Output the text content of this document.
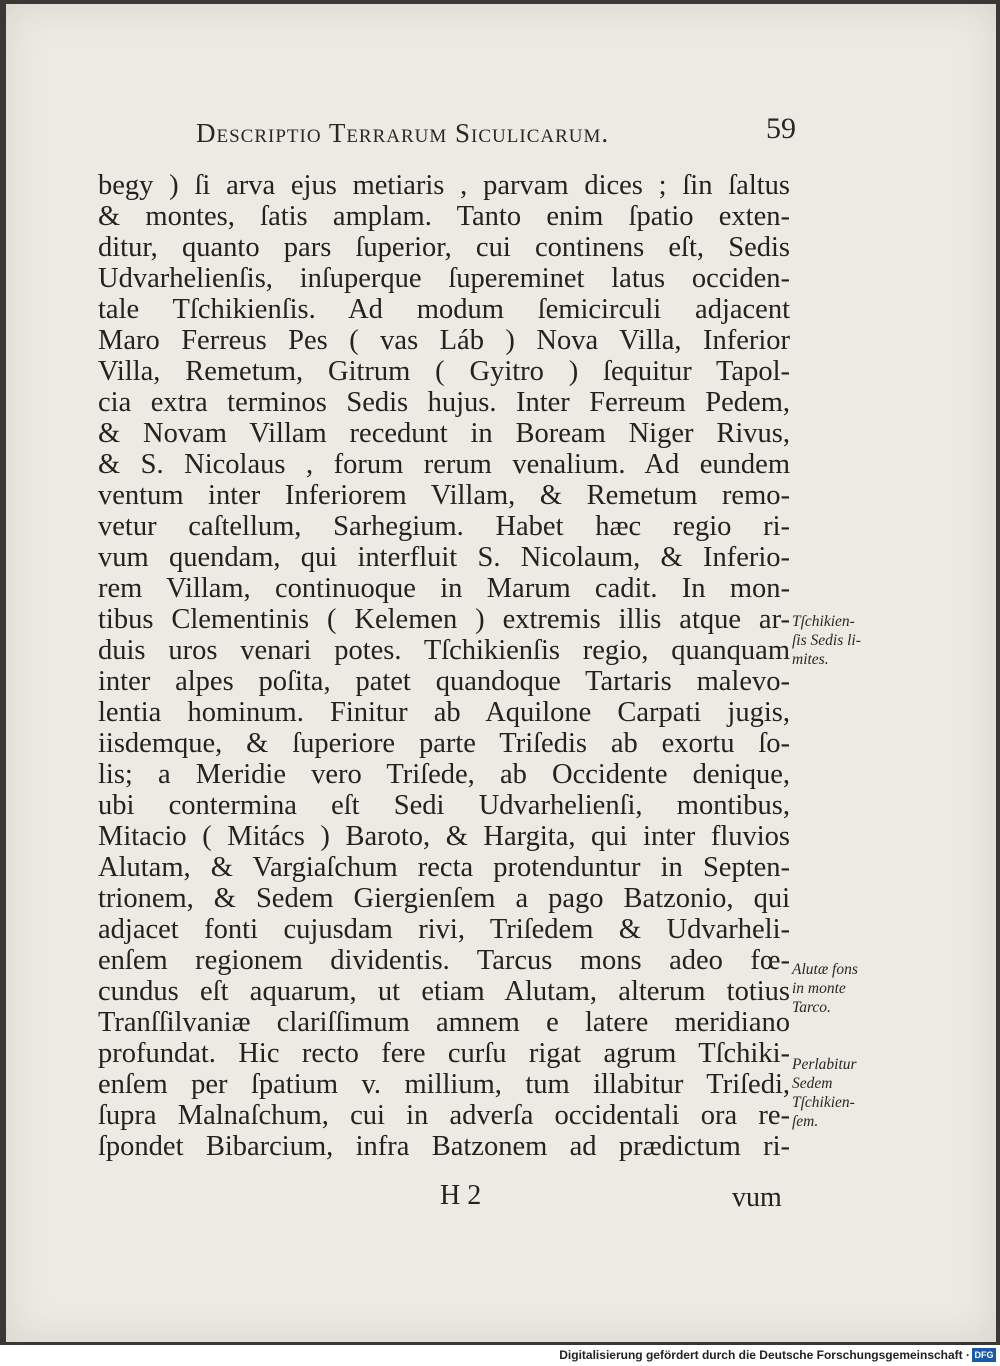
Descriptio Terrarum Siculicarum.	59
begy ) ſi arva ejus metiaris , parvam dices ; ſin ſaltus
& montes, ſatis amplam. Tanto enim ſpatio exten-
ditur, quanto pars ſuperior, cui continens eſt, Sedis
Udvarhelienſis, inſuperque ſupereminet latus occiden-
tale Tſchikienſis. Ad modum ſemicirculi adjacent
Maro Ferreus Pes ( vas Láb ) Nova Villa, Inferior
Villa, Remetum, Gitrum ( Gyitro ) ſequitur Tapol-
cia extra terminos Sedis hujus. Inter Ferreum Pedem,
& Novam Villam recedunt in Boream Niger Rivus,
& S. Nicolaus , forum rerum venalium. Ad eundem
ventum inter Inferiorem Villam, & Remetum remo-
vetur caſtellum, Sarhegium. Habet hæc regio ri-
vum quendam, qui interfluit S. Nicolaum, & Inferio-
rem Villam, continuoque in Marum cadit. In mon-
tibus Clementinis ( Kelemen ) extremis illis atque ar-
duis uros venari potes. Tſchikienſis regio, quanquam
inter alpes poſita, patet quandoque Tartaris malevo-
lentia hominum. Finitur ab Aquilone Carpati jugis,
iisdemque, & ſuperiore parte Triſedis ab exortu ſo-
lis; a Meridie vero Triſede, ab Occidente denique,
ubi contermina eſt Sedi Udvarhelienſi, montibus,
Mitacio ( Mitács ) Baroto, & Hargita, qui inter fluvios
Alutam, & Vargiaſchum recta protenduntur in Septen-
trionem, & Sedem Giergienſem a pago Batzonio, qui
adjacet fonti cujusdam rivi, Triſedem & Udvarheli-
enſem regionem dividentis. Tarcus mons adeo fœ-
cundus eſt aquarum, ut etiam Alutam, alterum totius
Tranſſilvaniæ clariſſimum amnem e latere meridiano
profundat. Hic recto fere curſu rigat agrum Tſchiki-
enſem per ſpatium v. millium, tum illabitur Triſedi,
ſupra Malnaſchum, cui in adverſa occidentali ora re-
ſpondet Bibarcium, infra Batzonem ad prædictum ri-
Tſchikien-
ſis Sedis li-
mites.
Alutæ fons
in monte
Tarco.
Perlabitur
Sedem
Tſchikien-
ſem.
H 2	vum
Digitalisierung gefördert durch die Deutsche Forschungsgemeinschaft · DFG
